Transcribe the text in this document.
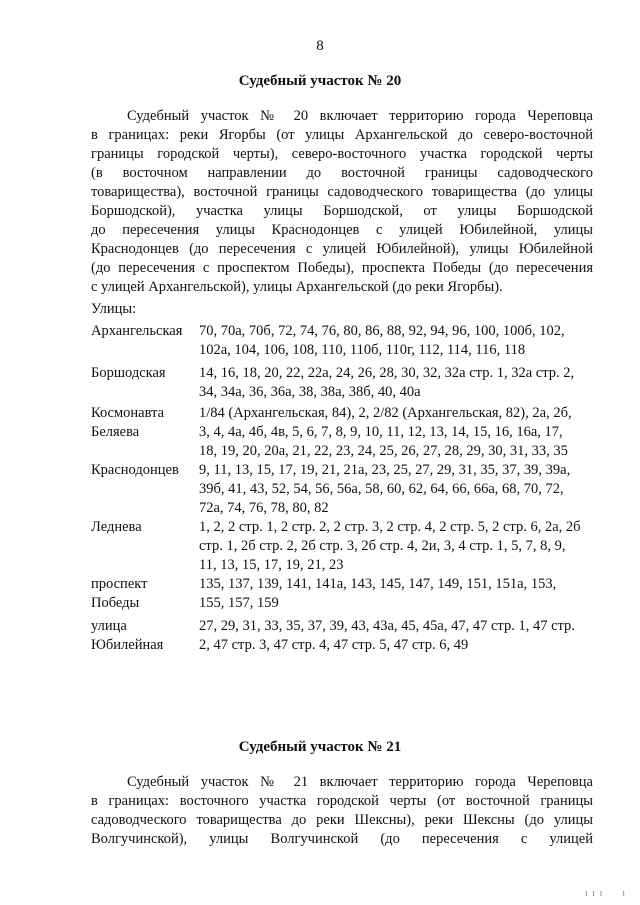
8
Судебный участок № 20
Судебный участок № 20 включает территорию города Череповца
в границах: реки Ягорбы (от улицы Архангельской до северо-восточной
границы городской черты), северо-восточного участка городской черты
(в восточном направлении до восточной границы садоводческого
товарищества), восточной границы садоводческого товарищества (до улицы
Боршодской), участка улицы Боршодской, от улицы Боршодской
до пересечения улицы Краснодонцев с улицей Юбилейной, улицы
Краснодонцев (до пересечения с улицей Юбилейной), улицы Юбилейной
(до пересечения с проспектом Победы), проспекта Победы (до пересечения
с улицей Архангельской), улицы Архангельской (до реки Ягорбы).
Улицы:
Архангельская	70, 70а, 70б, 72, 74, 76, 80, 86, 88, 92, 94, 96, 100, 100б, 102,
102а, 104, 106, 108, 110, 110б, 110г, 112, 114, 116, 118
Боршодская	14, 16, 18, 20, 22, 22а, 24, 26, 28, 30, 32, 32а стр. 1, 32а стр. 2,
34, 34а, 36, 36а, 38, 38а, 38б, 40, 40а
Космонавта
Беляева
1/84 (Архангельская, 84), 2, 2/82 (Архангельская, 82), 2а, 2б,
3, 4, 4а, 4б, 4в, 5, 6, 7, 8, 9, 10, 11, 12, 13, 14, 15, 16, 16а, 17,
18, 19, 20, 20а, 21, 22, 23, 24, 25, 26, 27, 28, 29, 30, 31, 33, 35
Краснодонцев	9, 11, 13, 15, 17, 19, 21, 21а, 23, 25, 27, 29, 31, 35, 37, 39, 39а,
39б, 41, 43, 52, 54, 56, 56а, 58, 60, 62, 64, 66, 66а, 68, 70, 72,
72а, 74, 76, 78, 80, 82
Леднева	1, 2, 2 стр. 1, 2 стр. 2, 2 стр. 3, 2 стр. 4, 2 стр. 5, 2 стр. 6, 2а, 2б
стр. 1, 2б стр. 2, 2б стр. 3, 2б стр. 4, 2и, 3, 4 стр. 1, 5, 7, 8, 9,
11, 13, 15, 17, 19, 21, 23
проспект
Победы
135, 137, 139, 141, 141а, 143, 145, 147, 149, 151, 151а, 153,
155, 157, 159
улица
Юбилейная
27, 29, 31, 33, 35, 37, 39, 43, 43а, 45, 45а, 47, 47 стр. 1, 47 стр.
2, 47 стр. 3, 47 стр. 4, 47 стр. 5, 47 стр. 6, 49
Судебный участок № 21
Судебный участок № 21 включает территорию города Череповца
в границах: восточного участка городской черты (от восточной границы
садоводческого товарищества до реки Шексны), реки Шексны (до улицы
Волгучинской), улицы Волгучинской (до пересечения с улицей
ı ı ı     ı
